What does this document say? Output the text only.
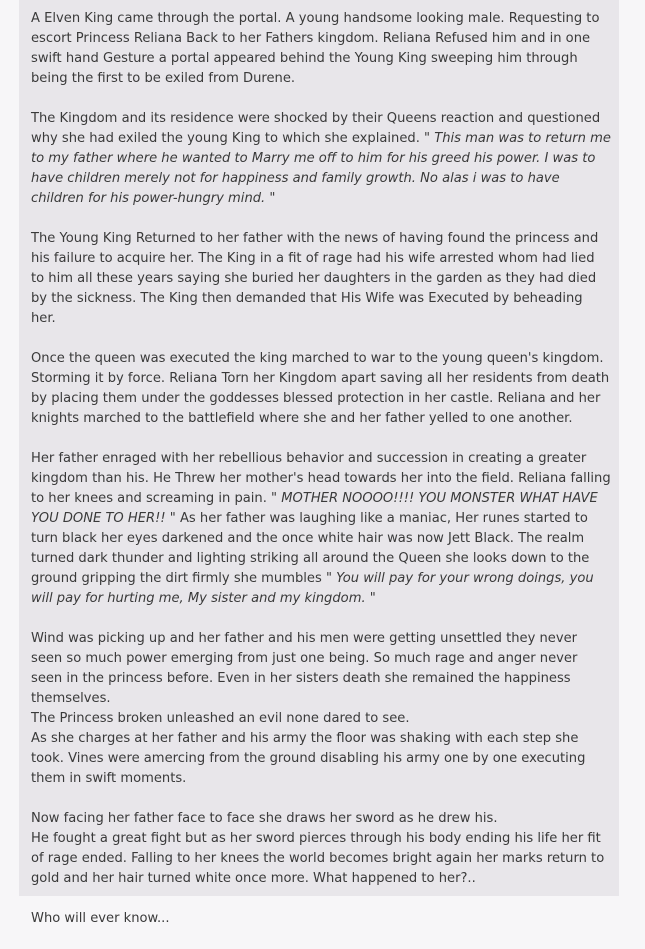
A Elven King came through the portal. A young handsome looking male. Requesting to escort Princess Reliana Back to her Fathers kingdom. Reliana Refused him and in one swift hand Gesture a portal appeared behind the Young King sweeping him through being the first to be exiled from Durene.

The Kingdom and its residence were shocked by their Queens reaction and questioned why she had exiled the young King to which she explained. " This man was to return me to my father where he wanted to Marry me off to him for his greed his power. I was to have children merely not for happiness and family growth. No alas i was to have children for his power-hungry mind. "

The Young King Returned to her father with the news of having found the princess and his failure to acquire her. The King in a fit of rage had his wife arrested whom had lied to him all these years saying she buried her daughters in the garden as they had died by the sickness. The King then demanded that His Wife was Executed by beheading her.

Once the queen was executed the king marched to war to the young queen's kingdom. Storming it by force. Reliana Torn her Kingdom apart saving all her residents from death by placing them under the goddesses blessed protection in her castle. Reliana and her knights marched to the battlefield where she and her father yelled to one another.

Her father enraged with her rebellious behavior and succession in creating a greater kingdom than his. He Threw her mother's head towards her into the field. Reliana falling to her knees and screaming in pain. " MOTHER NOOOO!!!! YOU MONSTER WHAT HAVE YOU DONE TO HER!! " As her father was laughing like a maniac, Her runes started to turn black her eyes darkened and the once white hair was now Jett Black. The realm turned dark thunder and lighting striking all around the Queen she looks down to the ground gripping the dirt firmly she mumbles " You will pay for your wrong doings, you will pay for hurting me, My sister and my kingdom. "

Wind was picking up and her father and his men were getting unsettled they never seen so much power emerging from just one being. So much rage and anger never seen in the princess before. Even in her sisters death she remained the happiness themselves.
The Princess broken unleashed an evil none dared to see.
As she charges at her father and his army the floor was shaking with each step she took. Vines were amercing from the ground disabling his army one by one executing them in swift moments.

Now facing her father face to face she draws her sword as he drew his.
He fought a great fight but as her sword pierces through his body ending his life her fit of rage ended. Falling to her knees the world becomes bright again her marks return to gold and her hair turned white once more. What happened to her?..

Who will ever know...
